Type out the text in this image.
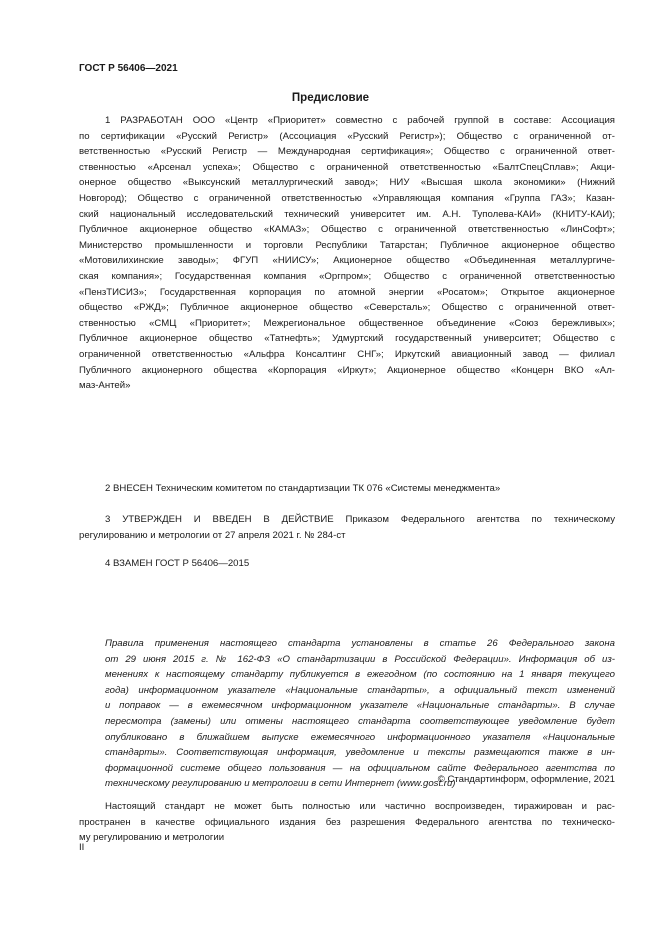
ГОСТ Р 56406—2021
Предисловие
1 РАЗРАБОТАН ООО «Центр «Приоритет» совместно с рабочей группой в составе: Ассоциация
по сертификации «Русский Регистр» (Ассоциация «Русский Регистр»); Общество с ограниченной от-
ветственностью «Русский Регистр — Международная сертификация»; Общество с ограниченной ответ-
ственностью «Арсенал успеха»; Общество с ограниченной ответственностью «БалтСпецСплав»; Акци-
онерное общество «Выксунский металлургический завод»; НИУ «Высшая школа экономики» (Нижний
Новгород); Общество с ограниченной ответственностью «Управляющая компания «Группа ГАЗ»; Казан-
ский национальный исследовательский технический университет им. А.Н. Туполева-КАИ» (КНИТУ-КАИ);
Публичное акционерное общество «КАМАЗ»; Общество с ограниченной ответственностью «ЛинСофт»;
Министерство промышленности и торговли Республики Татарстан; Публичное акционерное общество
«Мотовилихинские заводы»; ФГУП «НИИСУ»; Акционерное общество «Объединенная металлургиче-
ская компания»; Государственная компания «Оргпром»; Общество с ограниченной ответственностью
«ПензТИСИЗ»; Государственная корпорация по атомной энергии «Росатом»; Открытое акционерное
общество «РЖД»; Публичное акционерное общество «Северсталь»; Общество с ограниченной ответ-
ственностью «СМЦ «Приоритет»; Межрегиональное общественное объединение «Союз бережливых»;
Публичное акционерное общество «Татнефть»; Удмуртский государственный университет; Общество с
ограниченной ответственностью «Альфра Консалтинг СНГ»; Иркутский авиационный завод — филиал
Публичного акционерного общества «Корпорация «Иркут»; Акционерное общество «Концерн ВКО «Ал-
маз-Антей»
2 ВНЕСЕН Техническим комитетом по стандартизации ТК 076 «Системы менеджмента»
3 УТВЕРЖДЕН И ВВЕДЕН В ДЕЙСТВИЕ Приказом Федерального агентства по техническому
регулированию и метрологии от 27 апреля 2021 г. № 284-ст
4 ВЗАМЕН ГОСТ Р 56406—2015
Правила применения настоящего стандарта установлены в статье 26 Федерального закона
от 29 июня 2015 г. № 162-ФЗ «О стандартизации в Российской Федерации». Информация об из-
менениях к настоящему стандарту публикуется в ежегодном (по состоянию на 1 января текущего
года) информационном указателе «Национальные стандарты», а официальный текст изменений
и поправок — в ежемесячном информационном указателе «Национальные стандарты». В случае
пересмотра (замены) или отмены настоящего стандарта соответствующее уведомление будет
опубликовано в ближайшем выпуске ежемесячного информационного указателя «Национальные
стандарты». Соответствующая информация, уведомление и тексты размещаются также в ин-
формационной системе общего пользования — на официальном сайте Федерального агентства по
техническому регулированию и метрологии в сети Интернет (www.gost.ru)
© Стандартинформ, оформление, 2021
Настоящий стандарт не может быть полностью или частично воспроизведен, тиражирован и рас-
пространен в качестве официального издания без разрешения Федерального агентства по техническо-
му регулированию и метрологии
II
